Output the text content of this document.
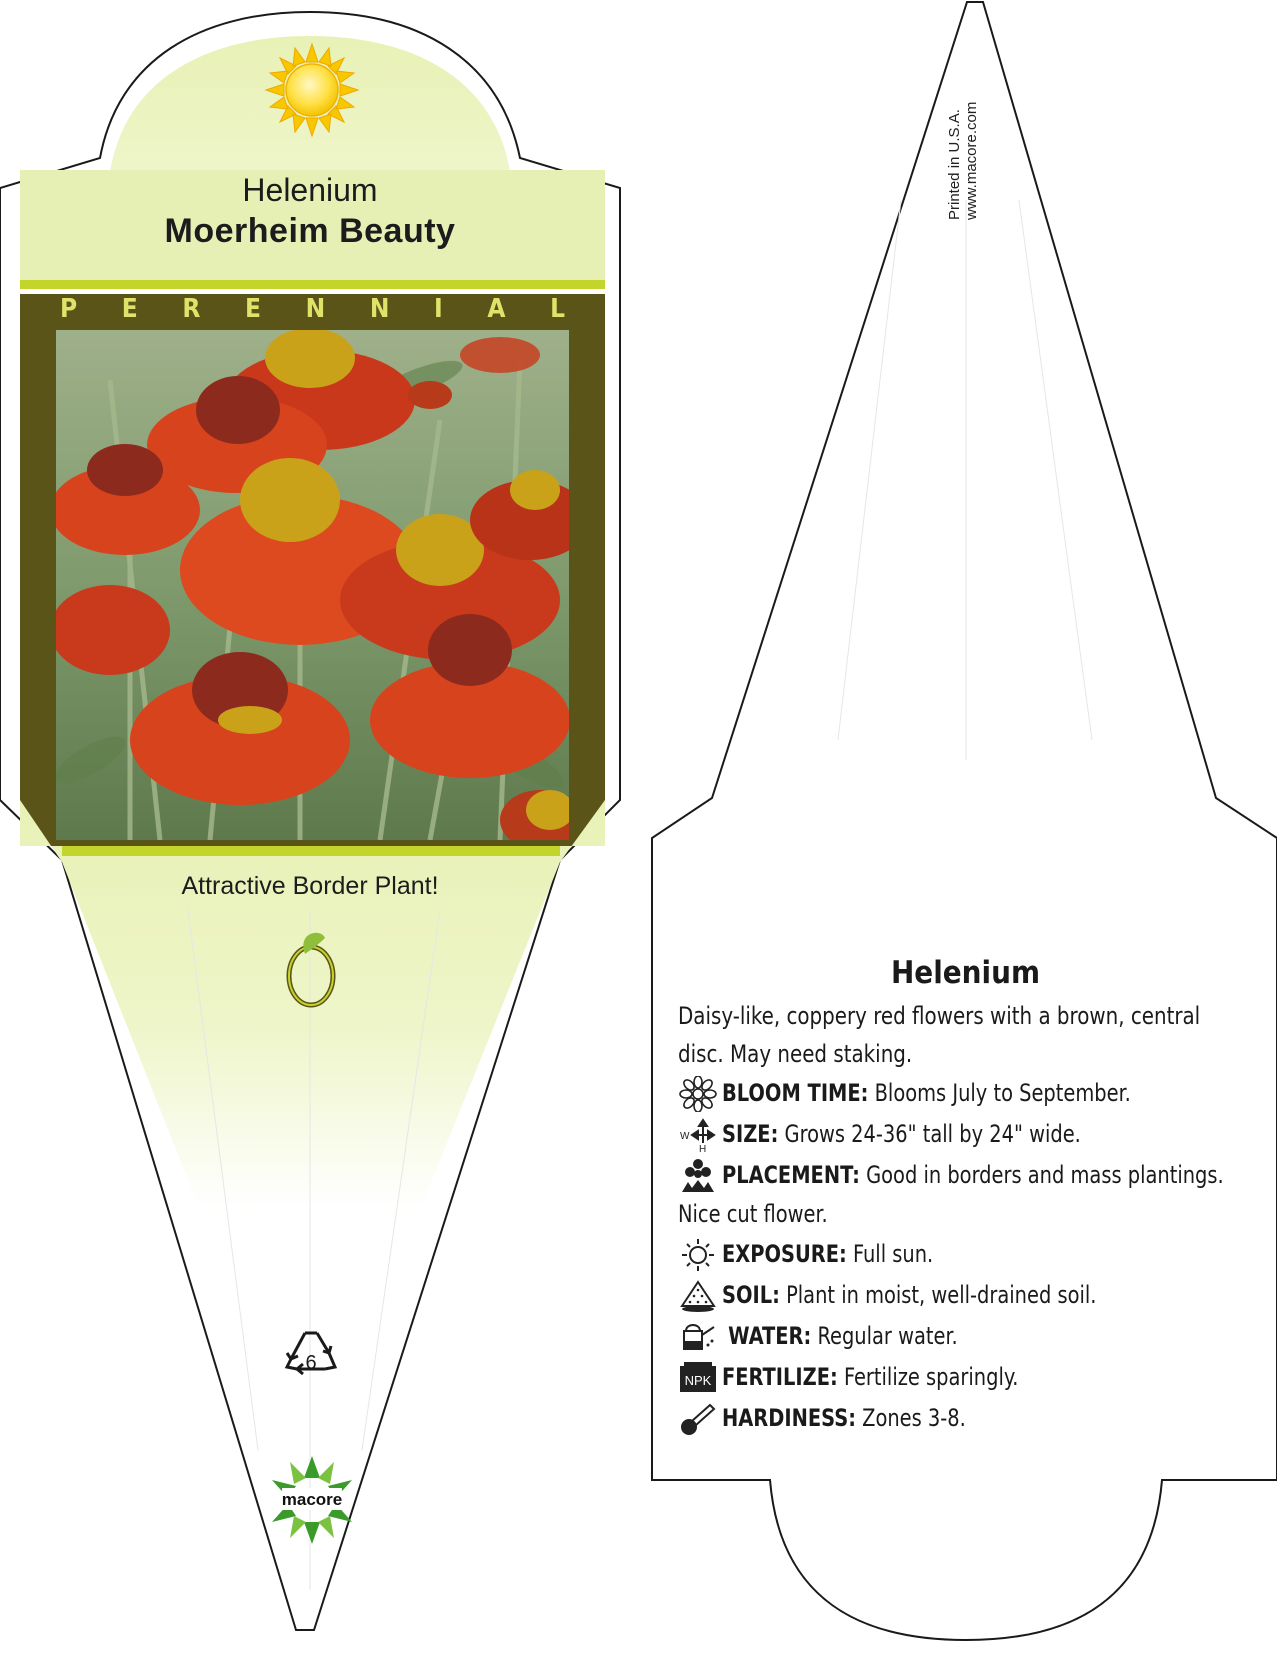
Helenium
Moerheim Beauty
P E R E N N I A L
Attractive Border Plant!
6
macore
Printed in U.S.A.
www.macore.com
Helenium

Daisy-like, coppery red flowers with a brown, central disc. May need staking.

BLOOM TIME: Blooms July to September.
W
H
SIZE: Grows 24-36" tall by 24" wide.
PLACEMENT: Good in borders and mass plantings.

Nice cut flower.

EXPOSURE: Full sun.
SOIL: Plant in moist, well-drained soil.
WATER: Regular water.
NPK FERTILIZE: Fertilize sparingly.
HARDINESS: Zones 3-8.
